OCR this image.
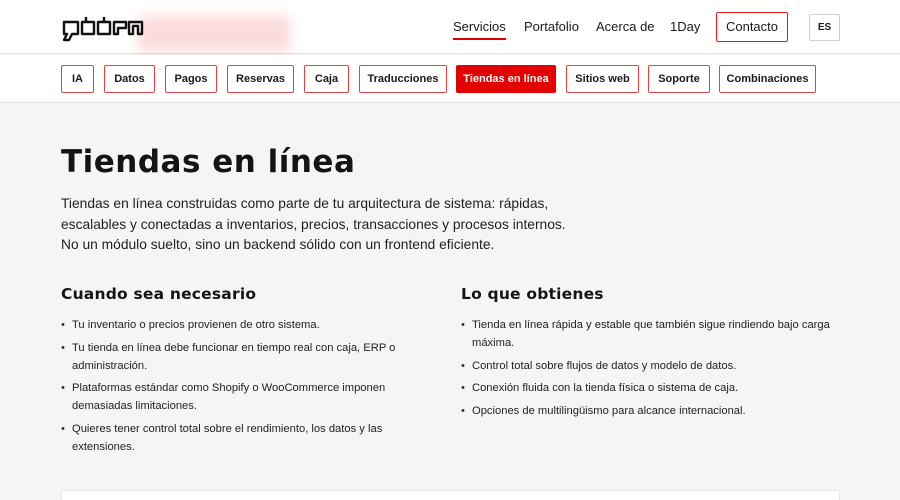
Servicios Portafolio Acerca de 1Day	Contacto	ES
IA	Datos	Pagos	Reservas	Caja	Traducciones	Tiendas en línea	Sitios web	Soporte	Combinaciones
Tiendas en línea

Tiendas en línea construidas como parte de tu arquitectura de sistema: rápidas, escalables y conectadas a inventarios, precios, transacciones y procesos internos. No un módulo suelto, sino un backend sólido con un frontend eficiente.

Cuando sea necesario
• Tu inventario o precios provienen de otro sistema.
• Tu tienda en línea debe funcionar en tiempo real con caja, ERP o administración.
• Plataformas estándar como Shopify o WooCommerce imponen demasiadas limitaciones.
• Quieres tener control total sobre el rendimiento, los datos y las extensiones.
Lo que obtienes
• Tienda en línea rápida y estable que también sigue rindiendo bajo carga máxima.
• Control total sobre flujos de datos y modelo de datos.
• Conexión fluida con la tienda física o sistema de caja.
• Opciones de multilingüismo para alcance internacional.
